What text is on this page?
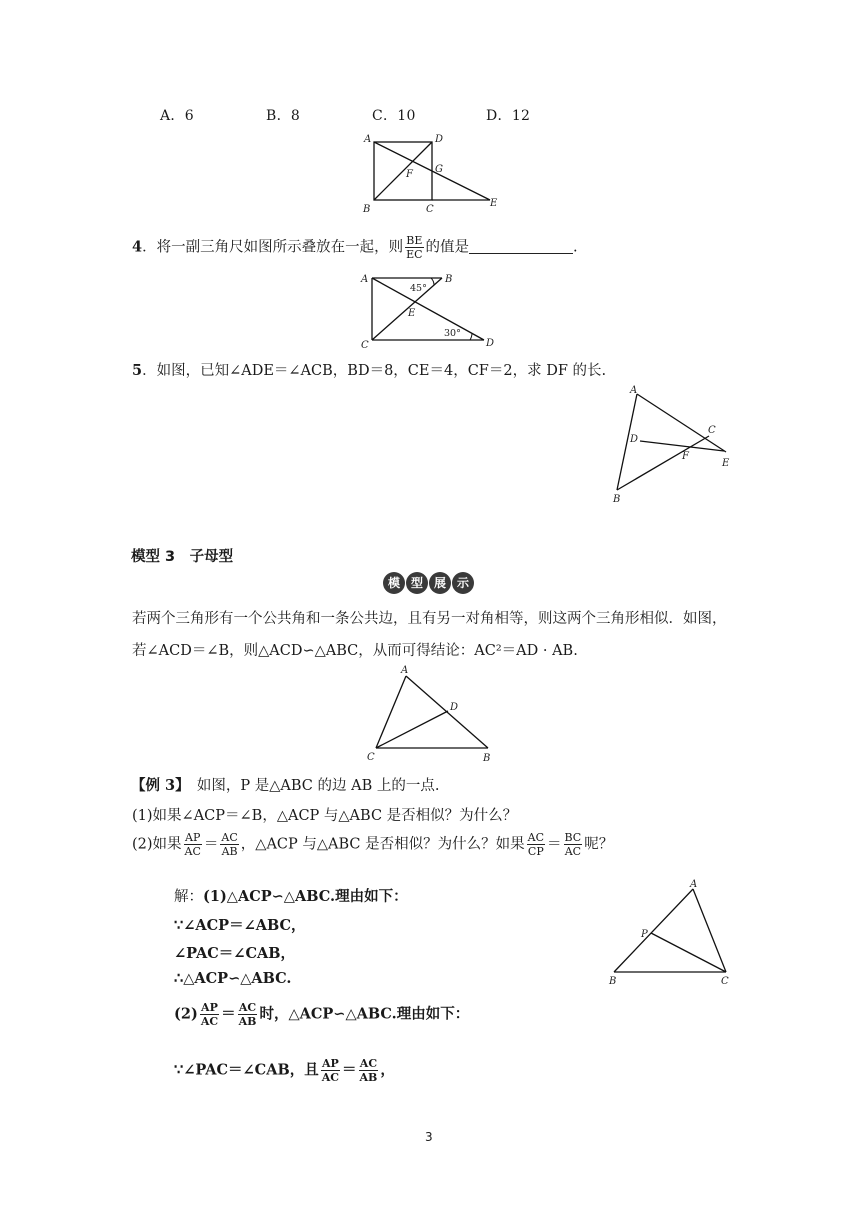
A．6	B．8	C．10	D．12
A	D
G
F
B	C
E
4．将一副三角尺如图所示叠放在一起，则 $\frac{BE}{EC}$ 的值是	.
A	B
C	D
E
45°
30°
5．如图，已知∠ADE＝∠ACB，BD＝8，CE＝4，CF＝2，求 DF 的长.
A
D
C
F
E
B
模型 3　子母型
模 型 展 示
若两个三角形有一个公共角和一条公共边，且有另一对角相等，则这两个三角形相似．如图，
若∠ACD＝∠B，则△ACD∽△ABC，从而可得结论：AC²＝AD · AB.
A
D
C	B
【例 3】　如图，P 是△ABC 的边 AB 上的一点.
(1)如果∠ACP＝∠B，△ACP 与△ABC 是否相似？为什么？
(2)如果 $\frac{AP}{AC} = \frac{AC}{AB}$ ，△ACP 与△ABC 是否相似？为什么？如果 $\frac{AC}{CP} = \frac{BC}{AC}$ 呢？
解：(1)△ACP∽△ABC.理由如下：
∵∠ACP＝∠ABC，
∠PAC＝∠CAB，
∴△ACP∽△ABC.
$(2) \frac{AP}{AC} = \frac{AC}{AB}$ 时，△ACP∽△ABC.理由如下：
∵∠PAC＝∠CAB，且 $\frac{AP}{AC} = \frac{AC}{AB}$ ，
A
P
B	C
3
